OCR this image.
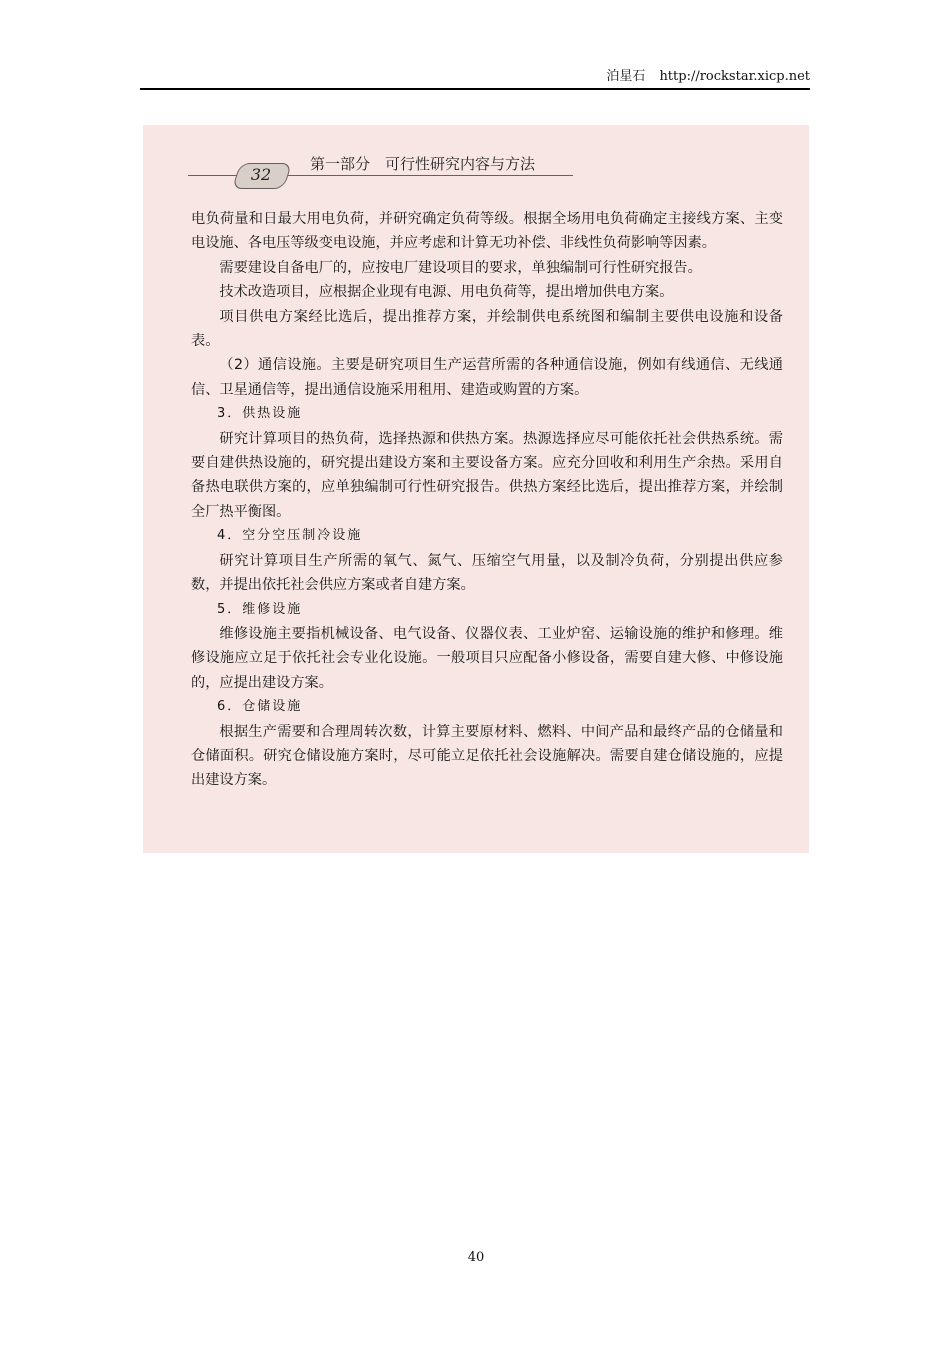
泊星石 http://rockstar.xicp.net
32
第一部分　可行性研究内容与方法

电负荷量和日最大用电负荷，并研究确定负荷等级。根据全场用电负荷确定主接线方案、主变电设施、各电压等级变电设施，并应考虑和计算无功补偿、非线性负荷影响等因素。

需要建设自备电厂的，应按电厂建设项目的要求，单独编制可行性研究报告。

技术改造项目，应根据企业现有电源、用电负荷等，提出增加供电方案。

项目供电方案经比选后，提出推荐方案，并绘制供电系统图和编制主要供电设施和设备表。

（2）通信设施。主要是研究项目生产运营所需的各种通信设施，例如有线通信、无线通信、卫星通信等，提出通信设施采用租用、建造或购置的方案。

3．供热设施

研究计算项目的热负荷，选择热源和供热方案。热源选择应尽可能依托社会供热系统。需要自建供热设施的，研究提出建设方案和主要设备方案。应充分回收和利用生产余热。采用自备热电联供方案的，应单独编制可行性研究报告。供热方案经比选后，提出推荐方案，并绘制全厂热平衡图。

4．空分空压制冷设施

研究计算项目生产所需的氧气、氮气、压缩空气用量，以及制冷负荷，分别提出供应参数，并提出依托社会供应方案或者自建方案。

5．维修设施

维修设施主要指机械设备、电气设备、仪器仪表、工业炉窑、运输设施的维护和修理。维修设施应立足于依托社会专业化设施。一般项目只应配备小修设备，需要自建大修、中修设施的，应提出建设方案。

6．仓储设施

根据生产需要和合理周转次数，计算主要原材料、燃料、中间产品和最终产品的仓储量和仓储面积。研究仓储设施方案时，尽可能立足依托社会设施解决。需要自建仓储设施的，应提出建设方案。

40
